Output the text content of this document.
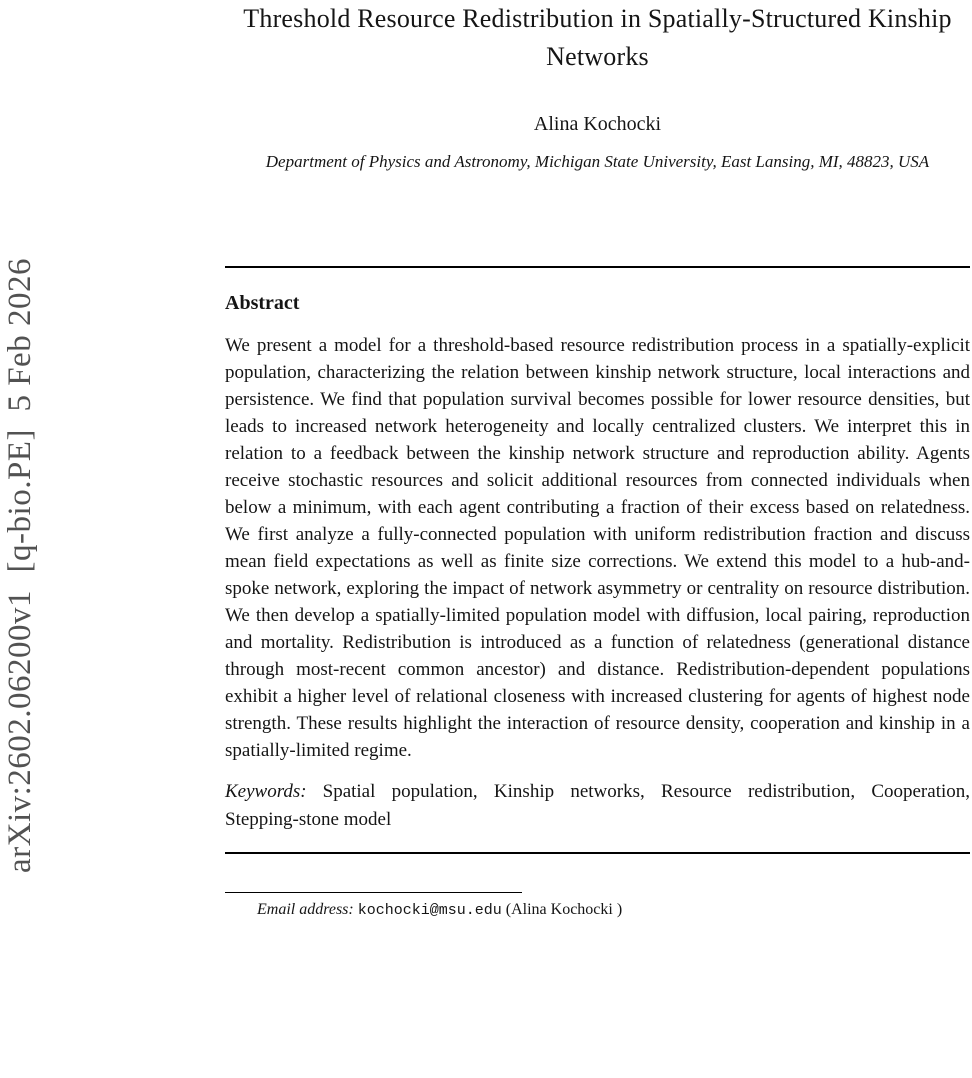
arXiv:2602.06200v1  [q-bio.PE]  5 Feb 2026
Threshold Resource Redistribution in Spatially-Structured Kinship Networks
Alina Kochocki
Department of Physics and Astronomy, Michigan State University, East Lansing, MI, 48823, USA
Abstract

We present a model for a threshold-based resource redistribution process in a spatially-explicit population, characterizing the relation between kinship network structure, local interactions and persistence. We find that population survival becomes possible for lower resource densities, but leads to increased network heterogeneity and locally centralized clusters. We interpret this in relation to a feedback between the kinship network structure and reproduction ability. Agents receive stochastic resources and solicit additional resources from connected individuals when below a minimum, with each agent contributing a fraction of their excess based on relatedness. We first analyze a fully-connected population with uniform redistribution fraction and discuss mean field expectations as well as finite size corrections. We extend this model to a hub-and-spoke network, exploring the impact of network asymmetry or centrality on resource distribution. We then develop a spatially-limited population model with diffusion, local pairing, reproduction and mortality. Redistribution is introduced as a function of relatedness (generational distance through most-recent common ancestor) and distance. Redistribution-dependent populations exhibit a higher level of relational closeness with increased clustering for agents of highest node strength. These results highlight the interaction of resource density, cooperation and kinship in a spatially-limited regime.

Keywords: Spatial population, Kinship networks, Resource redistribution, Cooperation, Stepping-stone model

Email address: kochocki@msu.edu (Alina Kochocki )
